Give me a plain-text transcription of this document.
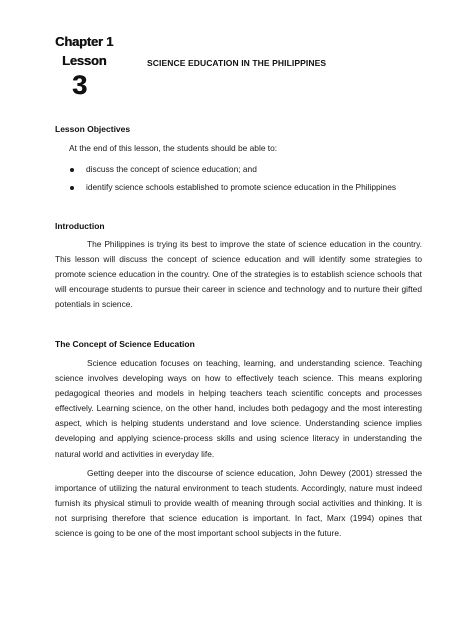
Chapter 1
Lesson
3
SCIENCE EDUCATION IN THE PHILIPPINES
Lesson Objectives
At the end of this lesson, the students should be able to:
discuss the concept of science education; and
identify science schools established to promote science education in the Philippines
Introduction
The Philippines is trying its best to improve the state of science education in the country. This lesson will discuss the concept of science education and will identify some strategies to promote science education in the country. One of the strategies is to establish science schools that will encourage students to pursue their career in science and technology and to nurture their gifted potentials in science.
The Concept of Science Education
Science education focuses on teaching, learning, and understanding science. Teaching science involves developing ways on how to effectively teach science. This means exploring pedagogical theories and models in helping teachers teach scientific concepts and processes effectively. Learning science, on the other hand, includes both pedagogy and the most interesting aspect, which is helping students understand and love science. Understanding science implies developing and applying science-process skills and using science literacy in understanding the natural world and activities in everyday life.
Getting deeper into the discourse of science education, John Dewey (2001) stressed the importance of utilizing the natural environment to teach students. Accordingly, nature must indeed furnish its physical stimuli to provide wealth of meaning through social activities and thinking. It is not surprising therefore that science education is important. In fact, Marx (1994) opines that science is going to be one of the most important school subjects in the future.
